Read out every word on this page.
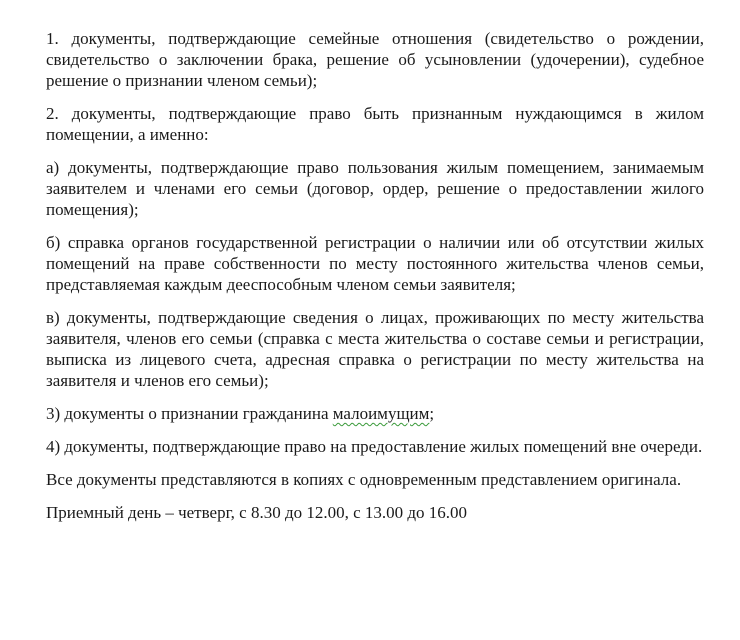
1. документы, подтверждающие семейные отношения (свидетельство о рождении, свидетельство о заключении брака, решение об усыновлении (удочерении), судебное решение о признании членом семьи);

2. документы, подтверждающие право быть признанным нуждающимся в жилом помещении, а именно:

а) документы, подтверждающие право пользования жилым помещением, занимаемым заявителем и членами его семьи (договор, ордер, решение о предоставлении жилого помещения);

б) справка органов государственной регистрации о наличии или об отсутствии жилых помещений на праве собственности по месту постоянного жительства членов семьи, представляемая каждым дееспособным членом семьи заявителя;

в) документы, подтверждающие сведения о лицах, проживающих по месту жительства заявителя, членов его семьи (справка с места жительства о составе семьи и регистрации, выписка из лицевого счета, адресная справка о регистрации по месту жительства на заявителя и членов его семьи);

3) документы о признании гражданина малоимущим;

4) документы, подтверждающие право на предоставление жилых помещений вне очереди.

Все документы представляются в копиях с одновременным представлением оригинала.

Приемный день – четверг, с 8.30 до 12.00, с 13.00 до 16.00
